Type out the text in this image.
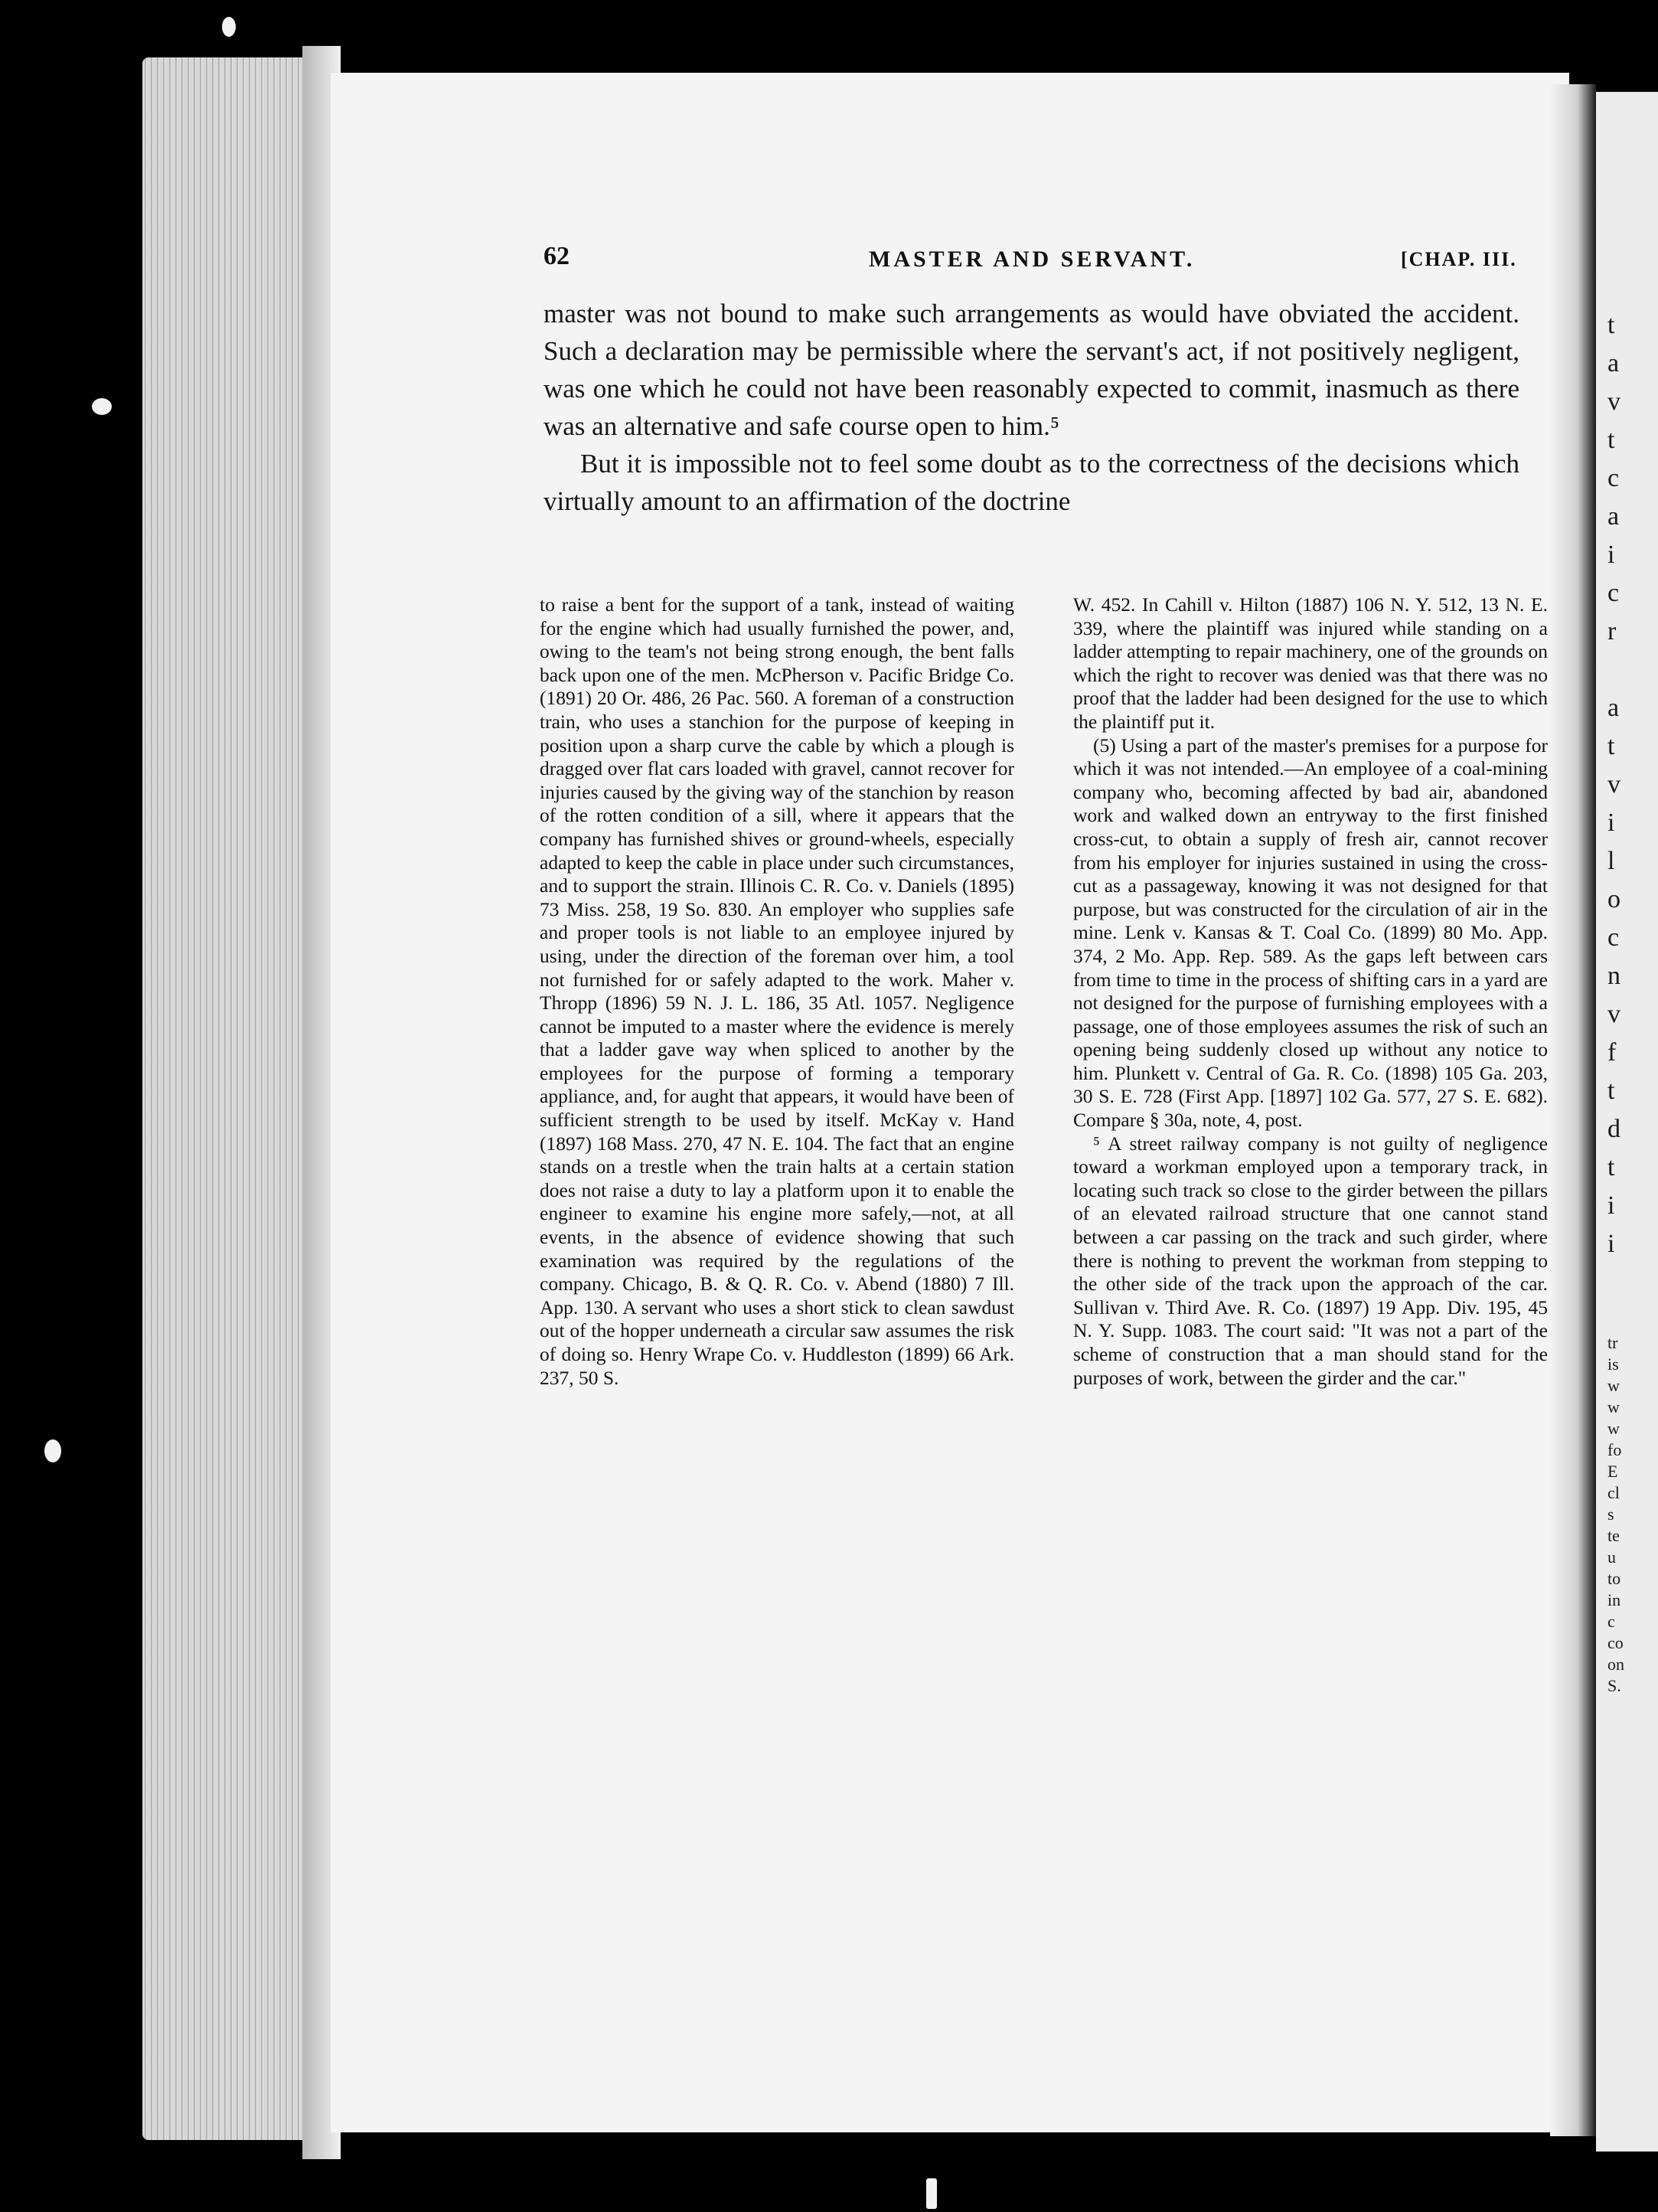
t
a
v
t
c
a
i
c
r
a
t
v
i
l
o
c
n
v
f
t
d
t
i
i
tr
is
w
w
w
fo
E
cl
s
te
u
to
in
c
co
on
S.
62	MASTER AND SERVANT.	[CHAP. III.

master was not bound to make such arrangements as would have obviated the accident. Such a declaration may be permissible where the servant's act, if not positively negligent, was one which he could not have been reasonably expected to commit, inasmuch as there was an alternative and safe course open to him.⁵

But it is impossible not to feel some doubt as to the correctness of the decisions which virtually amount to an affirmation of the doctrine

to raise a bent for the support of a tank, instead of waiting for the engine which had usually furnished the power, and, owing to the team's not being strong enough, the bent falls back upon one of the men. McPherson v. Pacific Bridge Co. (1891) 20 Or. 486, 26 Pac. 560. A foreman of a construction train, who uses a stanchion for the purpose of keeping in position upon a sharp curve the cable by which a plough is dragged over flat cars loaded with gravel, cannot recover for injuries caused by the giving way of the stanchion by reason of the rotten condition of a sill, where it appears that the company has furnished shives or ground-wheels, especially adapted to keep the cable in place under such circumstances, and to support the strain. Illinois C. R. Co. v. Daniels (1895) 73 Miss. 258, 19 So. 830. An employer who supplies safe and proper tools is not liable to an employee injured by using, under the direction of the foreman over him, a tool not furnished for or safely adapted to the work. Maher v. Thropp (1896) 59 N. J. L. 186, 35 Atl. 1057. Negligence cannot be imputed to a master where the evidence is merely that a ladder gave way when spliced to another by the employees for the purpose of forming a temporary appliance, and, for aught that appears, it would have been of sufficient strength to be used by itself. McKay v. Hand (1897) 168 Mass. 270, 47 N. E. 104. The fact that an engine stands on a trestle when the train halts at a certain station does not raise a duty to lay a platform upon it to enable the engineer to examine his engine more safely,—not, at all events, in the absence of evidence showing that such examination was required by the regulations of the company. Chicago, B. & Q. R. Co. v. Abend (1880) 7 Ill. App. 130. A servant who uses a short stick to clean sawdust out of the hopper underneath a circular saw assumes the risk of doing so. Henry Wrape Co. v. Huddleston (1899) 66 Ark. 237, 50 S.

W. 452. In Cahill v. Hilton (1887) 106 N. Y. 512, 13 N. E. 339, where the plaintiff was injured while standing on a ladder attempting to repair machinery, one of the grounds on which the right to recover was denied was that there was no proof that the ladder had been designed for the use to which the plaintiff put it.

(5) Using a part of the master's premises for a purpose for which it was not intended.—An employee of a coal-mining company who, becoming affected by bad air, abandoned work and walked down an entryway to the first finished cross-cut, to obtain a supply of fresh air, cannot recover from his employer for injuries sustained in using the cross-cut as a passageway, knowing it was not designed for that purpose, but was constructed for the circulation of air in the mine. Lenk v. Kansas & T. Coal Co. (1899) 80 Mo. App. 374, 2 Mo. App. Rep. 589. As the gaps left between cars from time to time in the process of shifting cars in a yard are not designed for the purpose of furnishing employees with a passage, one of those employees assumes the risk of such an opening being suddenly closed up without any notice to him. Plunkett v. Central of Ga. R. Co. (1898) 105 Ga. 203, 30 S. E. 728 (First App. [1897] 102 Ga. 577, 27 S. E. 682). Compare § 30a, note, 4, post.

⁵ A street railway company is not guilty of negligence toward a workman employed upon a temporary track, in locating such track so close to the girder between the pillars of an elevated railroad structure that one cannot stand between a car passing on the track and such girder, where there is nothing to prevent the workman from stepping to the other side of the track upon the approach of the car. Sullivan v. Third Ave. R. Co. (1897) 19 App. Div. 195, 45 N. Y. Supp. 1083. The court said: "It was not a part of the scheme of construction that a man should stand for the purposes of work, between the girder and the car."
